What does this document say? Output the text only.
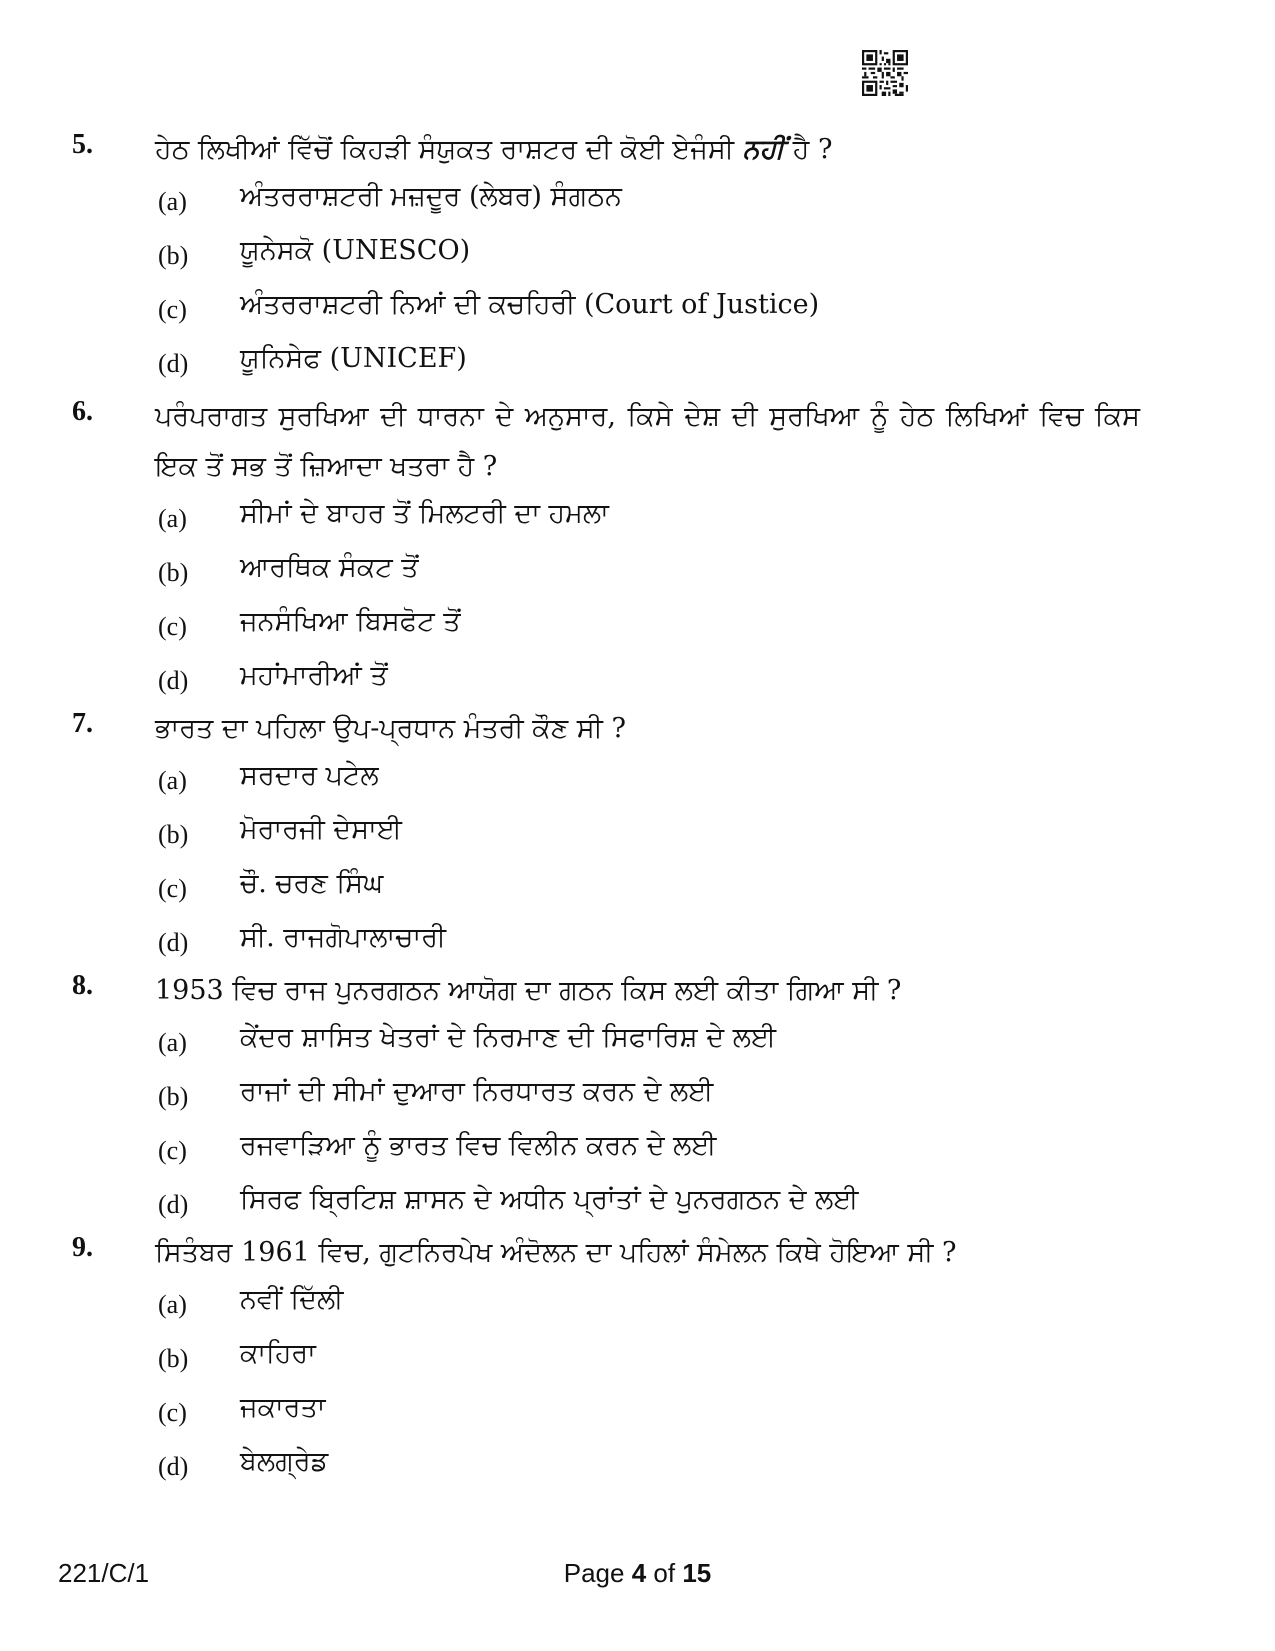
5. ਹੇਠ ਲਿਖੀਆਂ ਵਿੱਚੋਂ ਕਿਹੜੀ ਸੰਯੁਕਤ ਰਾਸ਼ਟਰ ਦੀ ਕੋਈ ਏਜੰਸੀ ਨਹੀਂ ਹੈ ?
(a) ਅੰਤਰਰਾਸ਼ਟਰੀ ਮਜ਼ਦੂਰ (ਲੇਬਰ) ਸੰਗਠਨ
(b) ਯੂਨੇਸਕੋ (UNESCO)
(c) ਅੰਤਰਰਾਸ਼ਟਰੀ ਨਿਆਂ ਦੀ ਕਚਹਿਰੀ (Court of Justice)
(d) ਯੂਨਿਸੇਫ (UNICEF)
6. ਪਰੰਪਰਾਗਤ ਸੁਰਖਿਆ ਦੀ ਧਾਰਨਾ ਦੇ ਅਨੁਸਾਰ, ਕਿਸੇ ਦੇਸ਼ ਦੀ ਸੁਰਖਿਆ ਨੂੰ ਹੇਠ ਲਿਖਿਆਂ ਵਿਚ ਕਿਸ ਇਕ ਤੋਂ ਸਭ ਤੋਂ ਜ਼ਿਆਦਾ ਖਤਰਾ ਹੈ ?
(a) ਸੀਮਾਂ ਦੇ ਬਾਹਰ ਤੋਂ ਮਿਲਟਰੀ ਦਾ ਹਮਲਾ
(b) ਆਰਥਿਕ ਸੰਕਟ ਤੋਂ
(c) ਜਨਸੰਖਿਆ ਬਿਸਫੋਟ ਤੋਂ
(d) ਮਹਾਂਮਾਰੀਆਂ ਤੋਂ
7. ਭਾਰਤ ਦਾ ਪਹਿਲਾ ਉਪ-ਪ੍ਰਧਾਨ ਮੰਤਰੀ ਕੌਣ ਸੀ ?
(a) ਸਰਦਾਰ ਪਟੇਲ
(b) ਮੋਰਾਰਜੀ ਦੇਸਾਈ
(c) ਚੌ. ਚਰਣ ਸਿੰਘ
(d) ਸੀ. ਰਾਜਗੋਪਾਲਾਚਾਰੀ
8. 1953 ਵਿਚ ਰਾਜ ਪੁਨਰਗਠਨ ਆਯੋਗ ਦਾ ਗਠਨ ਕਿਸ ਲਈ ਕੀਤਾ ਗਿਆ ਸੀ ?
(a) ਕੇਂਦਰ ਸ਼ਾਸਿਤ ਖੇਤਰਾਂ ਦੇ ਨਿਰਮਾਣ ਦੀ ਸਿਫਾਰਿਸ਼ ਦੇ ਲਈ
(b) ਰਾਜਾਂ ਦੀ ਸੀਮਾਂ ਦੁਆਰਾ ਨਿਰਧਾਰਤ ਕਰਨ ਦੇ ਲਈ
(c) ਰਜਵਾੜਿਆ ਨੂੰ ਭਾਰਤ ਵਿਚ ਵਿਲੀਨ ਕਰਨ ਦੇ ਲਈ
(d) ਸਿਰਫ ਬ੍ਰਿਟਿਸ਼ ਸ਼ਾਸਨ ਦੇ ਅਧੀਨ ਪ੍ਰਾਂਤਾਂ ਦੇ ਪੁਨਰਗਠਨ ਦੇ ਲਈ
9. ਸਿਤੰਬਰ 1961 ਵਿਚ, ਗੁਟਨਿਰਪੇਖ ਅੰਦੋਲਨ ਦਾ ਪਹਿਲਾਂ ਸੰਮੇਲਨ ਕਿਥੇ ਹੋਇਆ ਸੀ ?
(a) ਨਵੀਂ ਦਿੱਲੀ
(b) ਕਾਹਿਰਾ
(c) ਜਕਾਰਤਾ
(d) ਬੇਲਗ੍ਰੇਡ
221/C/1	Page 4 of 15
